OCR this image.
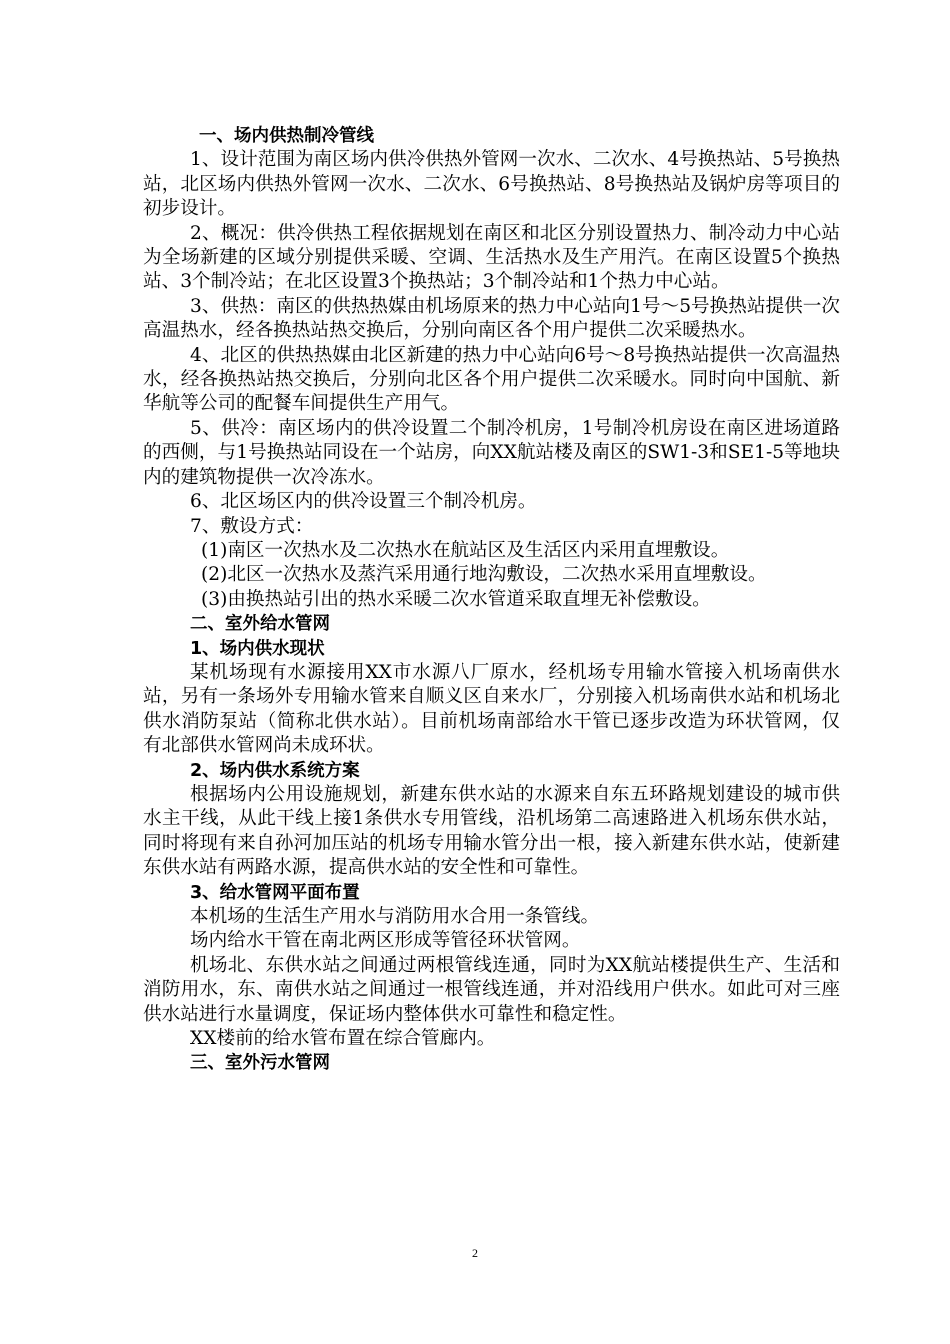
一、场内供热制冷管线

1、设计范围为南区场内供冷供热外管网一次水、二次水、4号换热站、5号换热站，北区场内供热外管网一次水、二次水、6号换热站、8号换热站及锅炉房等项目的初步设计。

2、概况：供冷供热工程依据规划在南区和北区分别设置热力、制冷动力中心站为全场新建的区域分别提供采暖、空调、生活热水及生产用汽。在南区设置5个换热站、3个制冷站；在北区设置3个换热站；3个制冷站和1个热力中心站。

3、供热：南区的供热热媒由机场原来的热力中心站向1号～5号换热站提供一次高温热水，经各换热站热交换后，分别向南区各个用户提供二次采暖热水。

4、北区的供热热媒由北区新建的热力中心站向6号～8号换热站提供一次高温热水，经各换热站热交换后，分别向北区各个用户提供二次采暖水。同时向中国航、新华航等公司的配餐车间提供生产用气。

5、供冷：南区场内的供冷设置二个制冷机房，1号制冷机房设在南区进场道路的西侧，与1号换热站同设在一个站房，向XX航站楼及南区的SW1-3和SE1-5等地块内的建筑物提供一次冷冻水。

6、北区场区内的供冷设置三个制冷机房。

7、敷设方式：

(1)南区一次热水及二次热水在航站区及生活区内采用直埋敷设。

(2)北区一次热水及蒸汽采用通行地沟敷设，二次热水采用直埋敷设。

(3)由换热站引出的热水采暖二次水管道采取直埋无补偿敷设。

二、室外给水管网

1、场内供水现状

某机场现有水源接用XX市水源八厂原水，经机场专用输水管接入机场南供水站，另有一条场外专用输水管来自顺义区自来水厂，分别接入机场南供水站和机场北供水消防泵站（简称北供水站）。目前机场南部给水干管已逐步改造为环状管网，仅有北部供水管网尚未成环状。

2、场内供水系统方案

根据场内公用设施规划，新建东供水站的水源来自东五环路规划建设的城市供水主干线，从此干线上接1条供水专用管线，沿机场第二高速路进入机场东供水站，同时将现有来自孙河加压站的机场专用输水管分出一根，接入新建东供水站，使新建东供水站有两路水源，提高供水站的安全性和可靠性。

3、给水管网平面布置

本机场的生活生产用水与消防用水合用一条管线。

场内给水干管在南北两区形成等管径环状管网。

机场北、东供水站之间通过两根管线连通，同时为XX航站楼提供生产、生活和消防用水，东、南供水站之间通过一根管线连通，并对沿线用户供水。如此可对三座供水站进行水量调度，保证场内整体供水可靠性和稳定性。

XX楼前的给水管布置在综合管廊内。

三、室外污水管网

2
